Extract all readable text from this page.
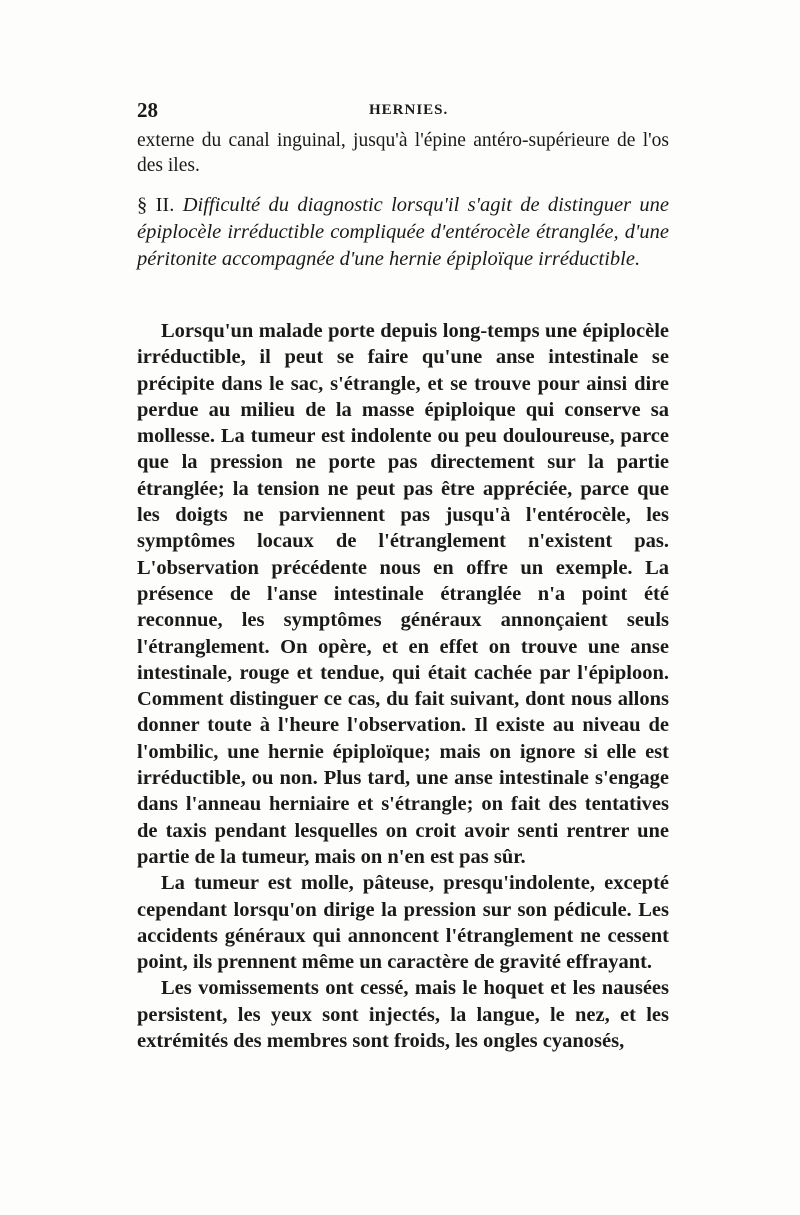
28	HERNIES.
externe du canal inguinal, jusqu'à l'épine antéro-supérieure de l'os des iles.
§ II. Difficulté du diagnostic lorsqu'il s'agit de distinguer une épiplocèle irréductible compliquée d'entérocèle étranglée, d'une péritonite accompagnée d'une hernie épiploïque irréductible.

Lorsqu'un malade porte depuis long-temps une épiplocèle irréductible, il peut se faire qu'une anse intestinale se précipite dans le sac, s'étrangle, et se trouve pour ainsi dire perdue au milieu de la masse épiploique qui conserve sa mollesse. La tumeur est indolente ou peu douloureuse, parce que la pression ne porte pas directement sur la partie étranglée; la tension ne peut pas être appréciée, parce que les doigts ne parviennent pas jusqu'à l'entérocèle, les symptômes locaux de l'étranglement n'existent pas. L'observation précédente nous en offre un exemple. La présence de l'anse intestinale étranglée n'a point été reconnue, les symptômes généraux annonçaient seuls l'étranglement. On opère, et en effet on trouve une anse intestinale, rouge et tendue, qui était cachée par l'épiploon. Comment distinguer ce cas, du fait suivant, dont nous allons donner toute à l'heure l'observation. Il existe au niveau de l'ombilic, une hernie épiploïque; mais on ignore si elle est irréductible, ou non. Plus tard, une anse intestinale s'engage dans l'anneau herniaire et s'étrangle; on fait des tentatives de taxis pendant lesquelles on croit avoir senti rentrer une partie de la tumeur, mais on n'en est pas sûr.

La tumeur est molle, pâteuse, presqu'indolente, excepté cependant lorsqu'on dirige la pression sur son pédicule. Les accidents généraux qui annoncent l'étranglement ne cessent point, ils prennent même un caractère de gravité effrayant.

Les vomissements ont cessé, mais le hoquet et les nausées persistent, les yeux sont injectés, la langue, le nez, et les extrémités des membres sont froids, les ongles cyanosés,
